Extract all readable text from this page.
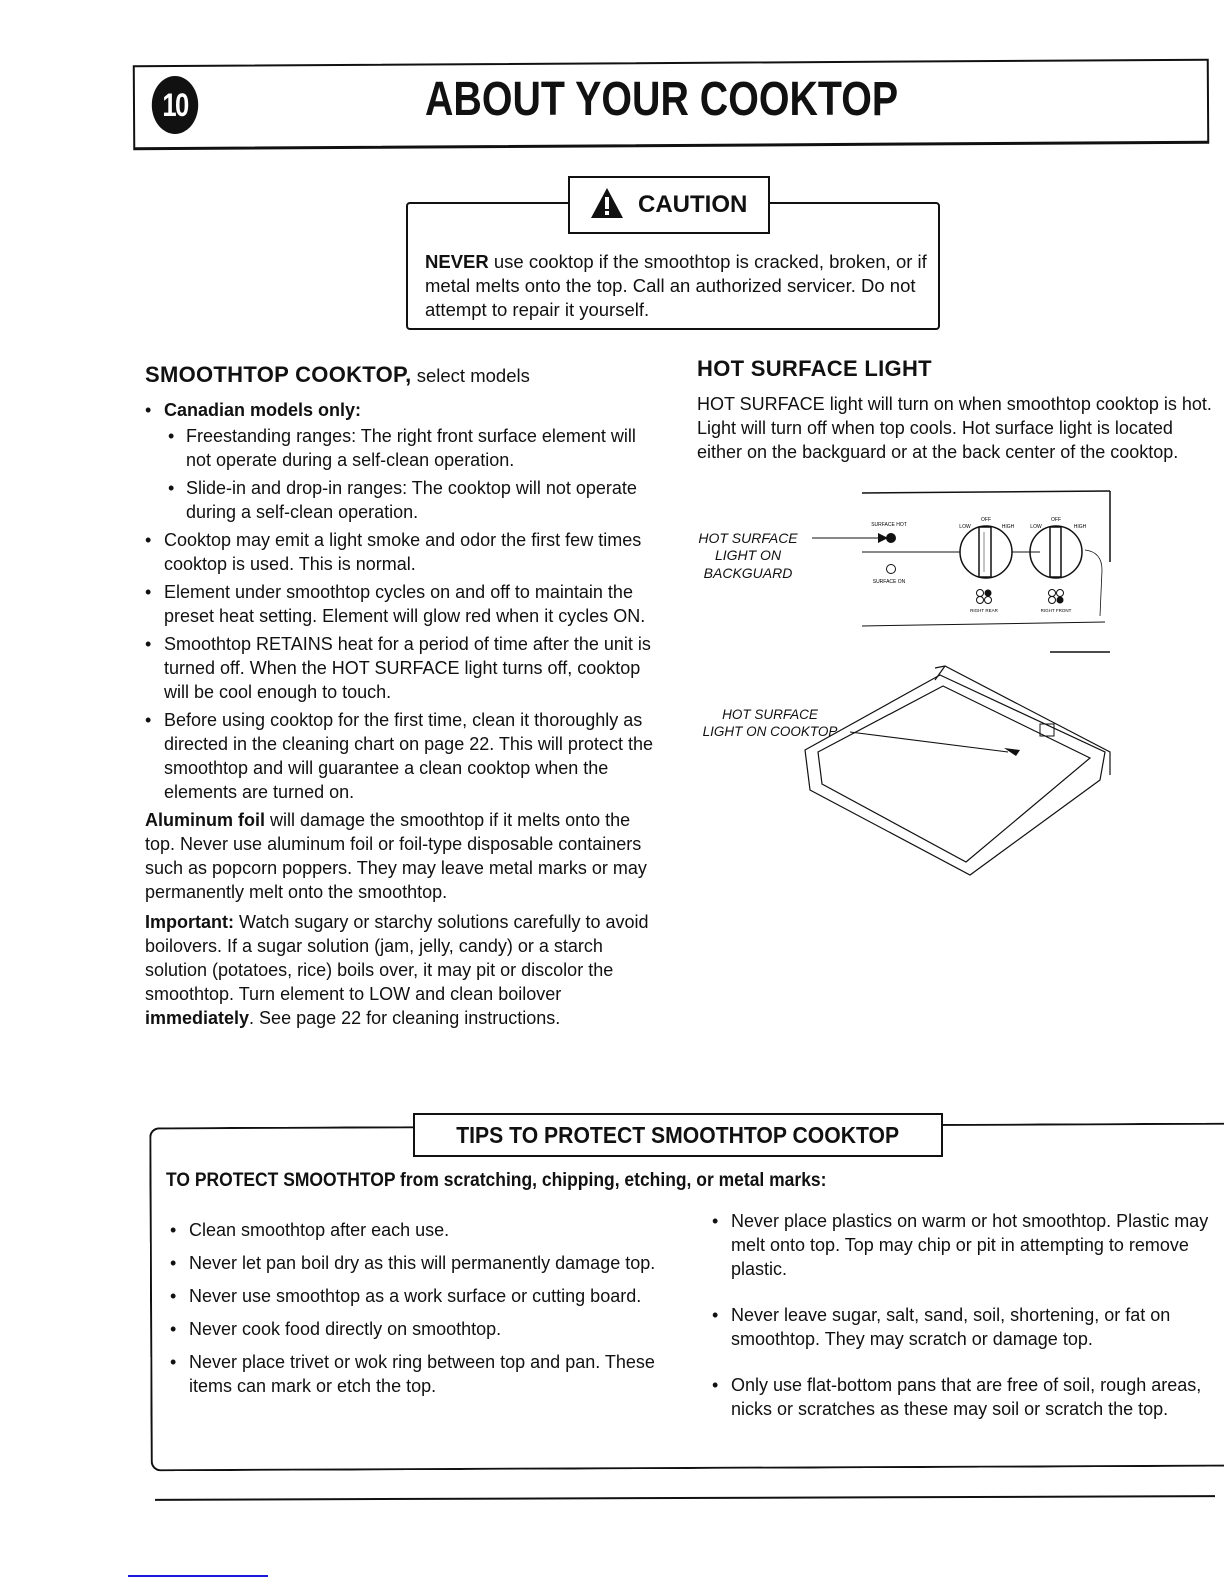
10	ABOUT YOUR COOKTOP
CAUTION
NEVER use cooktop if the smoothtop is cracked, broken, or if metal melts onto the top. Call an authorized servicer. Do not attempt to repair it yourself.
SMOOTHTOP COOKTOP, select models
• Canadian models only:
• Freestanding ranges: The right front surface element will not operate during a self-clean operation.
• Slide-in and drop-in ranges: The cooktop will not operate during a self-clean operation.
• Cooktop may emit a light smoke and odor the first few times cooktop is used. This is normal.
• Element under smoothtop cycles on and off to maintain the preset heat setting. Element will glow red when it cycles ON.
• Smoothtop RETAINS heat for a period of time after the unit is turned off. When the HOT SURFACE light turns off, cooktop will be cool enough to touch.
• Before using cooktop for the first time, clean it thoroughly as directed in the cleaning chart on page 22. This will protect the smoothtop and will guarantee a clean cooktop when the elements are turned on.

Aluminum foil will damage the smoothtop if it melts onto the top. Never use aluminum foil or foil-type disposable containers such as popcorn poppers. They may leave metal marks or may permanently melt onto the smoothtop.

Important: Watch sugary or starchy solutions carefully to avoid boilovers. If a sugar solution (jam, jelly, candy) or a starch solution (potatoes, rice) boils over, it may pit or discolor the smoothtop. Turn element to LOW and clean boilover immediately. See page 22 for cleaning instructions.

HOT SURFACE LIGHT
HOT SURFACE light will turn on when smoothtop cooktop is hot. Light will turn off when top cools. Hot surface light is located either on the backguard or at the back center of the cooktop.
HOT SURFACE
LIGHT ON
BACKGUARD
SURFACE HOT
SURFACE ON
OFF
LOW	HIGH
RIGHT REAR
OFF
LOW	HIGH
RIGHT FRONT
HOT SURFACE
LIGHT ON COOKTOP
TIPS TO PROTECT SMOOTHTOP COOKTOP
TO PROTECT SMOOTHTOP from scratching, chipping, etching, or metal marks:
• Clean smoothtop after each use.
• Never let pan boil dry as this will permanently damage top.
• Never use smoothtop as a work surface or cutting board.
• Never cook food directly on smoothtop.
• Never place trivet or wok ring between top and pan. These items can mark or etch the top.
• Never place plastics on warm or hot smoothtop. Plastic may melt onto top. Top may chip or pit in attempting to remove plastic.
• Never leave sugar, salt, sand, soil, shortening, or fat on smoothtop. They may scratch or damage top.
• Only use flat-bottom pans that are free of soil, rough areas, nicks or scratches as these may soil or scratch the top.
